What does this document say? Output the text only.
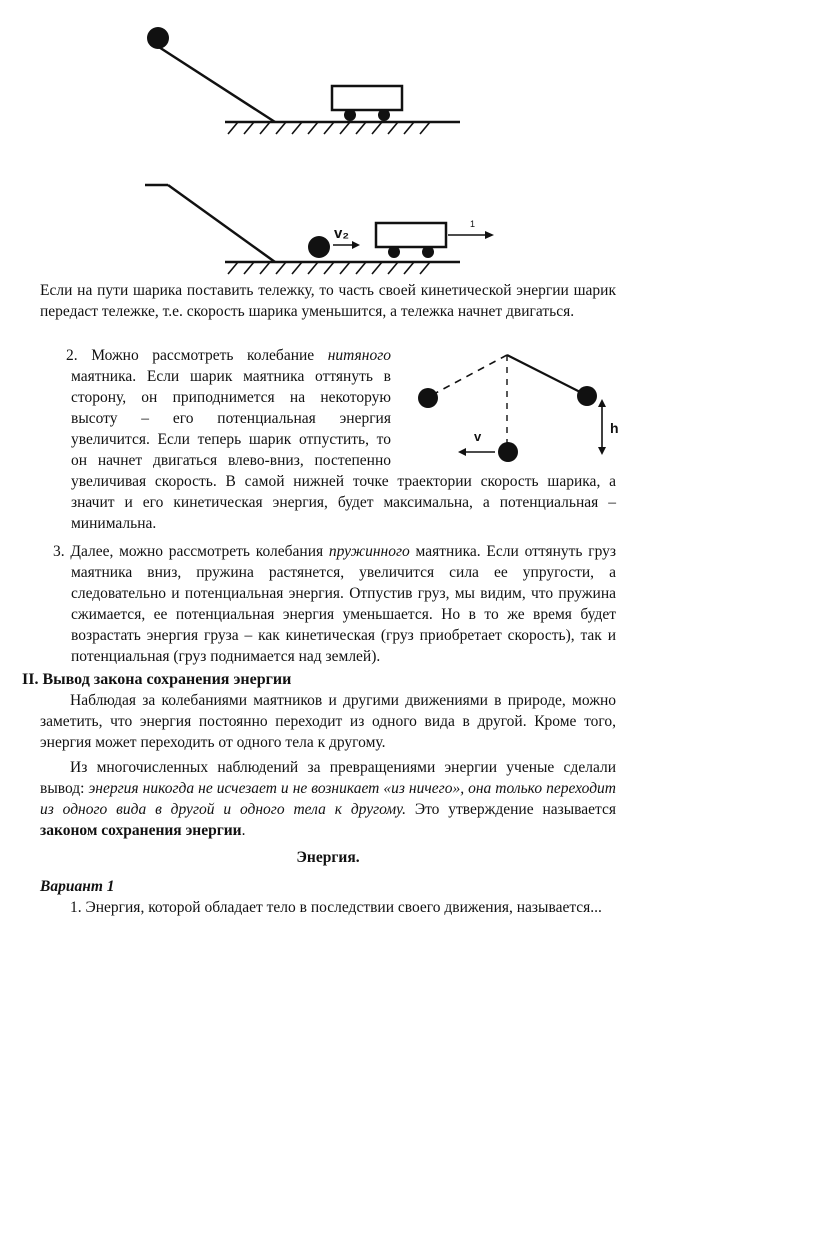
v₂
1
v
h

Если на пути шарика поставить тележку, то часть своей кинетической энергии шарик передаст тележке, т.е. скорость шарика уменьшится, а тележка начнет двигаться.

2. Можно рассмотреть колебание нитяного маятника. Если шарик маятника оттянуть в сторону, он приподнимется на некоторую высоту – его потенциальная энергия увеличится. Если теперь шарик отпустить, то он начнет двигаться влево-вниз, постепенно увеличивая скорость. В самой нижней точке траектории скорость шарика, а значит и его кинетическая энергия, будет максимальна, а потенциальная – минимальна.

3. Далее, можно рассмотреть колебания пружинного маятника. Если оттянуть груз маятника вниз, пружина растянется, увеличится сила ее упругости, а следовательно и потенциальная энергия. Отпустив груз, мы видим, что пружина сжимается, ее потенциальная энергия уменьшается. Но в то же время будет возрастать энергия груза – как кинетическая (груз приобретает скорость), так и потенциальная (груз поднимается над землей).

II. Вывод закона сохранения энергии

Наблюдая за колебаниями маятников и другими движениями в природе, можно заметить, что энергия постоянно переходит из одного вида в другой. Кроме того, энергия может переходить от одного тела к другому.

Из многочисленных наблюдений за превращениями энергии ученые сделали вывод: энергия никогда не исчезает и не возникает «из ничего», она только переходит из одного вида в другой и одного тела к другому. Это утверждение называется законом сохранения энергии.

Энергия.

Вариант 1

1. Энергия, которой обладает тело в последствии своего движения, называется...
